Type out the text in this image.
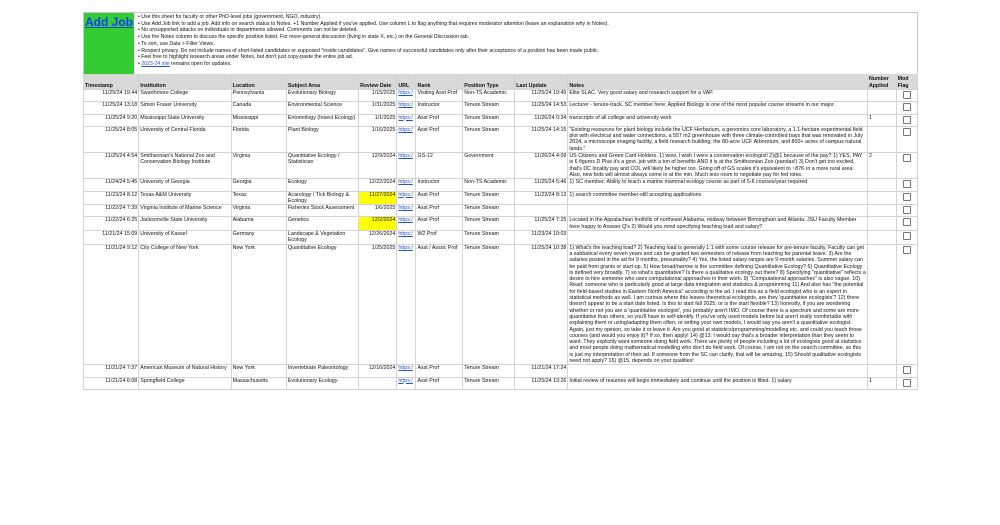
Add Job • Use this sheet for faculty or other PhD-level jobs (government, NGO, industry).
• Use Add Job link to add a job. Add info on search status to Notes. +1 Number Applied if you've applied. Use column L to flag anything that requires moderator attention (leave an explanation why in Notes).
• No unsupported attacks on individuals or departments allowed. Comments can not be deleted.
• Use the Notes column to discuss the specific position listed. For more-general discussion (living in state X, etc.) on the General Discussion tab.
• To sort, use Data > Filter Views.
• Respect privacy. Do not include names of short-listed candidates or supposed "inside candidates". Give names of successful candidates only after their acceptance of a position has been made public.
• Feel free to highlight research areas under Notes, but don't just copy-paste the entire job ad.
• 2023-24 site remains open for updates.
Timestamp	Institution	Location	Subject Area	Review Date	URL	Rank	Position Type	Last Update	Notes	Number Applied	Mod Flag
11/25/24 19:44	Swarthmore College	Pennsylvania	Evolutionary Biology	1/15/2025	https:/	Visiting Asst Prof	Non-TS Academic	11/25/24 19:45	Elite SLAC. Very good salary and research support for a VAP.		
11/25/24 13:18	Simon Fraser University	Canada	Environmental Science	1/31/2025	https:/	Instructor	Tenure Stream	11/25/24 14:53	Lecturer - tenure-track. SC member here: Applied Biology is one of the most popular course streams in our major.		
11/25/24 9:20	Mississippi State University	Mississippi	Entomology (Insect Ecology)	1/1/2025	https:/	Asst Prof	Tenure Stream	11/26/24 0:34	transcripts of all college and university work	1	
11/25/24 8:05	University of Central Florida	Florida	Plant Biology	1/16/2025	https:/	Asst Prof	Tenure Stream	11/25/24 14:15	"Existing resources for plant biology include the UCF Herbarium, a genomics core laboratory, a 1.1-hectare experimental field plot with electrical and water connections, a 557 m2 greenhouse with three climate-controlled bays that was renovated in July 2024, a microscope imaging facility, a field research building, the 80-acre UCF Arboretum, and 800+ acres of campus natural lands."		
11/25/24 4:54	Smithsonian's National Zoo and Conservation Biology Institute	Virginia	Quantitative Ecology / Statistician	12/9/2024	https:/	GS-12	Government	11/26/24 4:09	US Citizens and Green Card Holders. 1) wow, I wish I were a conservation ecologist! 2)@1 because of the pay? 1) YES, PAY is 6 figures D Plus it's a govt. job with a ton of benefits AND it is at the Smithsonian Zoo (pandas!) 3) Don't get too excited, that's DC locality pay and COL will likely be higher too. Going off of GS scales it's equivalent to ~87K in a more rural area. Also, new feds will almost always come in at the min. Much less room to negotiate pay for fed roles.	2	
11/24/24 5:45	University of Georgia	Georgia	Ecology	12/22/2024	https:/	Instructor	Non-TS Academic	11/25/24 5:46	1) SC member: Ability to teach a marine mammal ecology course as part of 5-6 courses/year required		
11/23/24 8:12	Texas A&M University	Texas	Acarology / Tick Biology & Ecology	11/27/2024	https:/	Asst Prof	Tenure Stream	11/23/24 8:13	1) search committee member-still accepting applications		
11/22/24 7:39	Virginia Institute of Marine Science	Virginia	Fisheries Stock Assessment	1/6/2025	https:/	Asst Prof	Tenure Stream				
11/22/24 6:25	Jacksonville State University	Alabama	Genetics	12/2/2024	https:/	Asst Prof	Tenure Stream	11/25/24 7:25	Located in the Appalachian foothills of northeast Alabama, midway between Birmingham and Atlanta. JSU Faculty Member here happy to Answer Q's 2) Would you mind specifying teaching load and salary?		
11/21/24 15:09	University of Kassel	Germany	Landscape & Vegetation Ecology	12/26/2024	https:/	W2 Prof	Tenure Stream	11/23/24 19:03			
11/21/24 9:12	City College of New York	New York	Quantitative Ecology	1/25/2025	https:/	Asst / Assoc Prof	Tenure Stream	11/25/24 10:38	1) What's the teaching load? 2) Teaching load is generally 1:1 with some course release for pre-tenure faculty. Faculty can get a sabbatical every seven years and can be granted two semesters of release from teaching for parental leave. 3) Are the salaries posted in the ad for 9 months, presumably? 4) Yes, the listed salary ranges are 9-month salaries. Summer salary can be paid from grants or start-up. 5) How broad/narrow is the committee defining Quantitative Ecology? 6) Quantitative Ecology is defined very broadly. 7) so what's quantitative? Is there a qualitative ecology out there? 8) Specifying "quantitative" reflects a desire to hire someone who uses computational approaches in their work. 9) "Computational approaches" is also vague. 10) Read: someone who is particularly good at large data integration and statistics & programming 11) And also has "the potential for field-based studies in Eastern North America" according to the ad. I read this as a field ecologist who is an expert in statistical methods as well. I am curious where this leaves theoretical ecologists, are they 'quantitative ecologists'? 12) there doesn't appear to be a start date listed. Is this to start fall 2025, or is the start flexible? 13) honestly, if you are wondering whether or not you are a 'quantitative ecologist', you probably aren't IMO. Of course there is a spectrum and some are more quantitative than others, so you'll have to self-identify. If you've only used models before but aren't really comfortable with explaining them or using/adapting them often, or writing your own models, I would say you aren't a quantitative ecologist. Again, just my opinion, so take it or leave it. Are you good at statistics/programming/modelling etc. and could you teach those courses (and would you enjoy it)? If so, then apply! 14) @13: I would say that's a broader interpretation than they seem to want. They explicitly want someone doing field work. There are plenty of people including a lot of ecologists good at statistics and most people doing mathematical modelling who don't do field work. Of course, I am not on the search committee, so this is just my interpretation of their ad. If someone from the SC can clarify, that will be amazing. 15) Should qualitative ecologists need not apply? 16) @15, depends on your qualities!		
11/21/24 7:37	American Museum of Natural History	New York	Invertebrate Paleontology	12/16/2024	https:/	Asst Prof	Tenure Stream	11/21/24 17:24			
11/21/24 6:08	Springfield College	Massachusetts	Evolutionary Ecology		https:/	Asst Prof	Tenure Stream	11/25/24 13:26	Initial review of resumes will begin immediately and continue until the position is filled. 1) salary	1	
